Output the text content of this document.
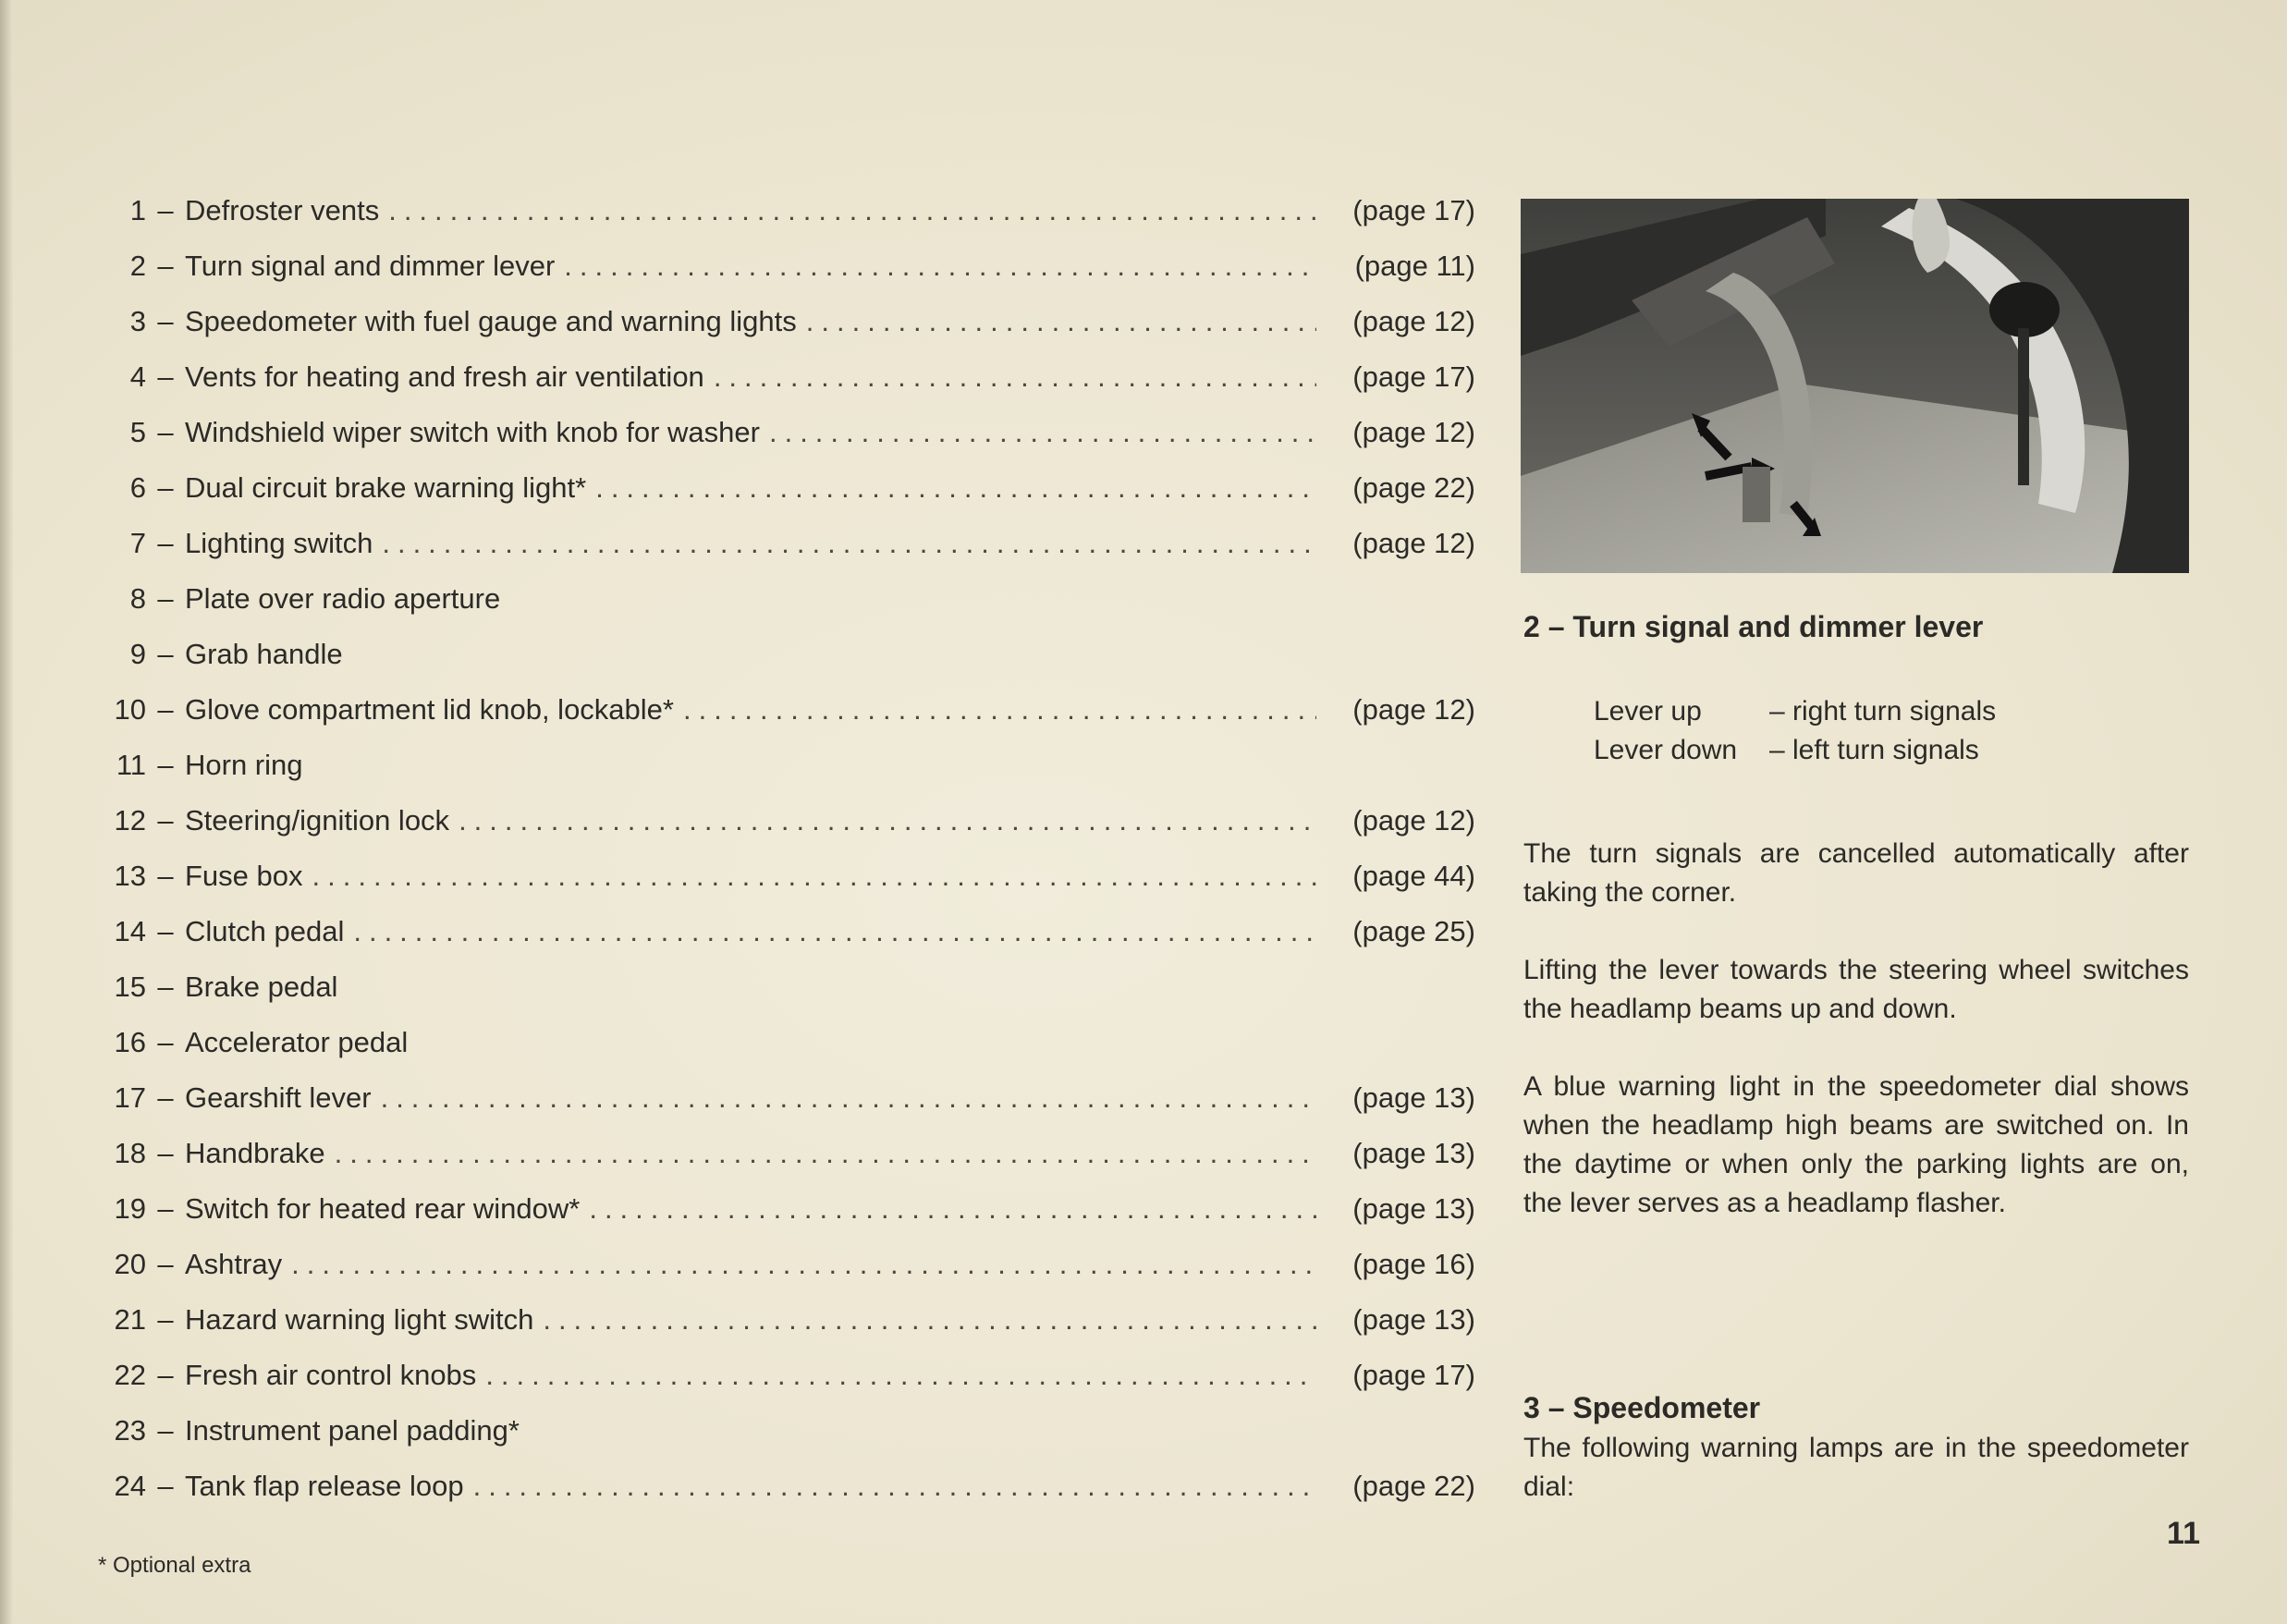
1 – Defroster vents .....	(page 17)
2 – Turn signal and dimmer lever .....	(page 11)
3 – Speedometer with fuel gauge and warning lights .....	(page 12)
4 – Vents for heating and fresh air ventilation .....	(page 17)
5 – Windshield wiper switch with knob for washer .....	(page 12)
6 – Dual circuit brake warning light* .....	(page 22)
7 – Lighting switch .....	(page 12)
8 – Plate over radio aperture
9 – Grab handle
10 – Glove compartment lid knob, lockable* .....	(page 12)
11 – Horn ring
12 – Steering/ignition lock .....	(page 12)
13 – Fuse box .....	(page 44)
14 – Clutch pedal .....	(page 25)
15 – Brake pedal
16 – Accelerator pedal
17 – Gearshift lever .....	(page 13)
18 – Handbrake .....	(page 13)
19 – Switch for heated rear window* .....	(page 13)
20 – Ashtray .....	(page 16)
21 – Hazard warning light switch .....	(page 13)
22 – Fresh air control knobs .....	(page 17)
23 – Instrument panel padding*
24 – Tank flap release loop .....	(page 22)
* Optional extra
2 – Turn signal and dimmer lever
Lever up	– right turn signals
Lever down	– left turn signals
The turn signals are cancelled automatically after taking the corner.
Lifting the lever towards the steering wheel switches the headlamp beams up and down.
A blue warning light in the speedometer dial shows when the headlamp high beams are switched on. In the daytime or when only the parking lights are on, the lever serves as a headlamp flasher.
3 – Speedometer
The following warning lamps are in the speedometer dial:
11
